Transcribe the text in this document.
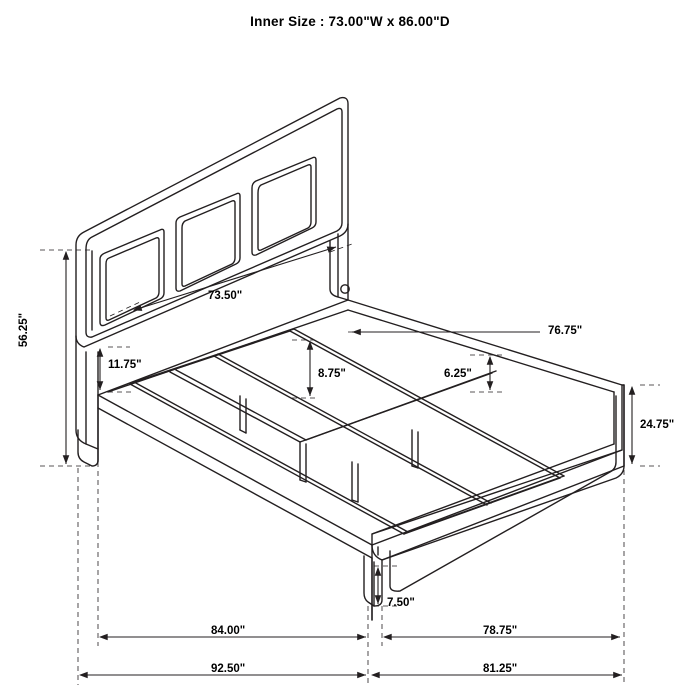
Inner Size : 73.00"W x 86.00"D
56.25"
73.50"
11.75"
8.75"	6.25"
76.75"
24.75"
7.50"
84.00"	78.75"
92.50"	81.25"
